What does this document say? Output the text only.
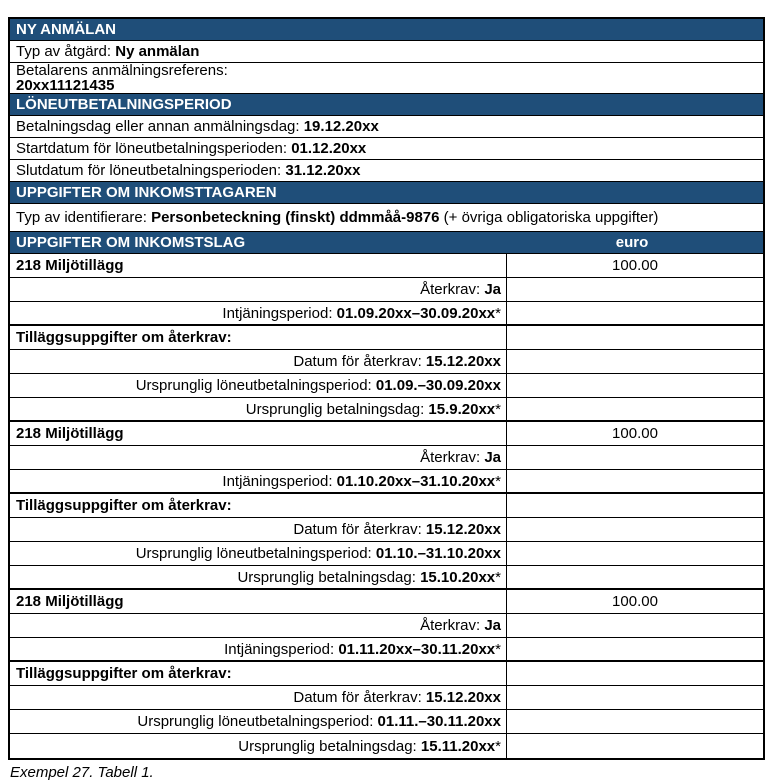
NY ANMÄLAN
Typ av åtgärd: Ny anmälan
Betalarens anmälningsreferens:
20xx11121435
LÖNEUTBETALNINGSPERIOD
Betalningsdag eller annan anmälningsdag: 19.12.20xx
Startdatum för löneutbetalningsperioden: 01.12.20xx
Slutdatum för löneutbetalningsperioden: 31.12.20xx
UPPGIFTER OM INKOMSTTAGAREN
Typ av identifierare: Personbeteckning (finskt) ddmmåå-9876 (+ övriga obligatoriska uppgifter)
UPPGIFTER OM INKOMSTSLAG	euro
218 Miljötillägg	100.00
Återkrav: Ja
Intjäningsperiod: 01.09.20xx–30.09.20xx*
Tilläggsuppgifter om återkrav:
Datum för återkrav: 15.12.20xx
Ursprunglig löneutbetalningsperiod: 01.09.–30.09.20xx
Ursprunglig betalningsdag: 15.9.20xx*
218 Miljötillägg	100.00
Återkrav: Ja
Intjäningsperiod: 01.10.20xx–31.10.20xx*
Tilläggsuppgifter om återkrav:
Datum för återkrav: 15.12.20xx
Ursprunglig löneutbetalningsperiod: 01.10.–31.10.20xx
Ursprunglig betalningsdag: 15.10.20xx*
218 Miljötillägg	100.00
Återkrav: Ja
Intjäningsperiod: 01.11.20xx–30.11.20xx*
Tilläggsuppgifter om återkrav:
Datum för återkrav: 15.12.20xx
Ursprunglig löneutbetalningsperiod: 01.11.–30.11.20xx
Ursprunglig betalningsdag: 15.11.20xx*
Exempel 27. Tabell 1.
